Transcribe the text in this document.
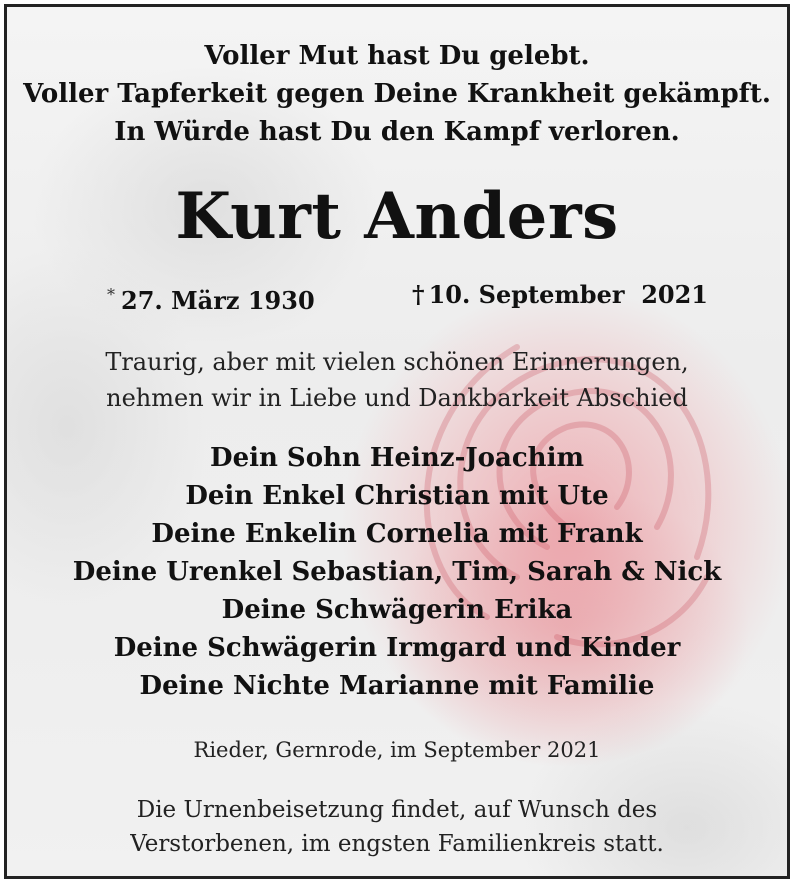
Voller Mut hast Du gelebt.
Voller Tapferkeit gegen Deine Krankheit gekämpft.
In Würde hast Du den Kampf verloren.
Kurt Anders
* 27. März 1930	† 10. September  2021
Traurig, aber mit vielen schönen Erinnerungen,
nehmen wir in Liebe und Dankbarkeit Abschied
Dein Sohn Heinz-Joachim
Dein Enkel Christian mit Ute
Deine Enkelin Cornelia mit Frank
Deine Urenkel Sebastian, Tim, Sarah & Nick
Deine Schwägerin Erika
Deine Schwägerin Irmgard und Kinder
Deine Nichte Marianne mit Familie
Rieder, Gernrode, im September 2021
Die Urnenbeisetzung findet, auf Wunsch des
Verstorbenen, im engsten Familienkreis statt.
